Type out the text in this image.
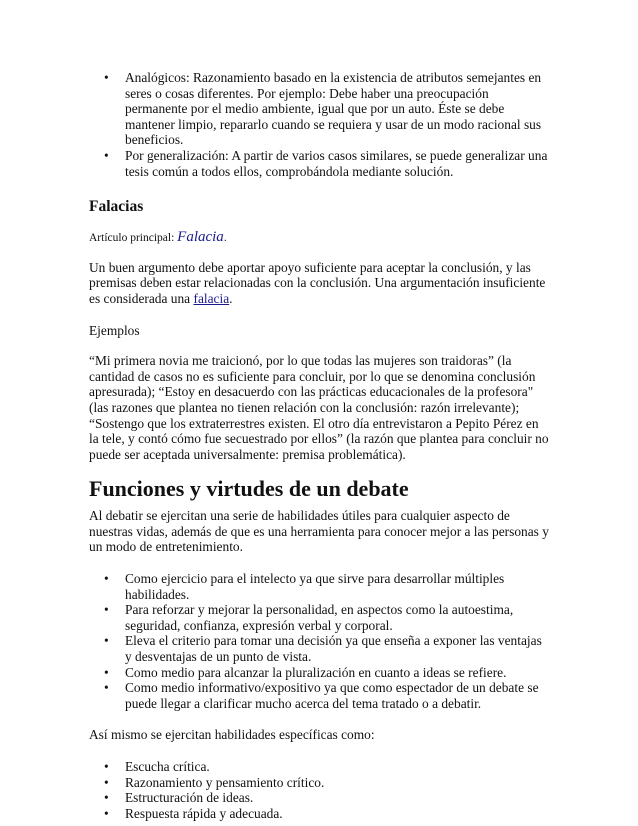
• Analógicos: Razonamiento basado en la existencia de atributos semejantes en seres o cosas diferentes. Por ejemplo: Debe haber una preocupación permanente por el medio ambiente, igual que por un auto. Éste se debe mantener limpio, repararlo cuando se requiera y usar de un modo racional sus beneficios.
• Por generalización: A partir de varios casos similares, se puede generalizar una tesis común a todos ellos, comprobándola mediante solución.

Falacias

Artículo principal: Falacia.

Un buen argumento debe aportar apoyo suficiente para aceptar la conclusión, y las premisas deben estar relacionadas con la conclusión. Una argumentación insuficiente es considerada una falacia.

Ejemplos

“Mi primera novia me traicionó, por lo que todas las mujeres son traidoras” (la cantidad de casos no es suficiente para concluir, por lo que se denomina conclusión apresurada); “Estoy en desacuerdo con las prácticas educacionales de la profesora" (las razones que plantea no tienen relación con la conclusión: razón irrelevante); “Sostengo que los extraterrestres existen. El otro día entrevistaron a Pepito Pérez en la tele, y contó cómo fue secuestrado por ellos” (la razón que plantea para concluir no puede ser aceptada universalmente: premisa problemática).

Funciones y virtudes de un debate

Al debatir se ejercitan una serie de habilidades útiles para cualquier aspecto de nuestras vidas, además de que es una herramienta para conocer mejor a las personas y un modo de entretenimiento.

• Como ejercicio para el intelecto ya que sirve para desarrollar múltiples habilidades.
• Para reforzar y mejorar la personalidad, en aspectos como la autoestima, seguridad, confianza, expresión verbal y corporal.
• Eleva el criterio para tomar una decisión ya que enseña a exponer las ventajas y desventajas de un punto de vista.
• Como medio para alcanzar la pluralización en cuanto a ideas se refiere.
• Como medio informativo/expositivo ya que como espectador de un debate se puede llegar a clarificar mucho acerca del tema tratado o a debatir.

Así mismo se ejercitan habilidades específicas como:

• Escucha crítica.
• Razonamiento y pensamiento crítico.
• Estructuración de ideas.
• Respuesta rápida y adecuada.
